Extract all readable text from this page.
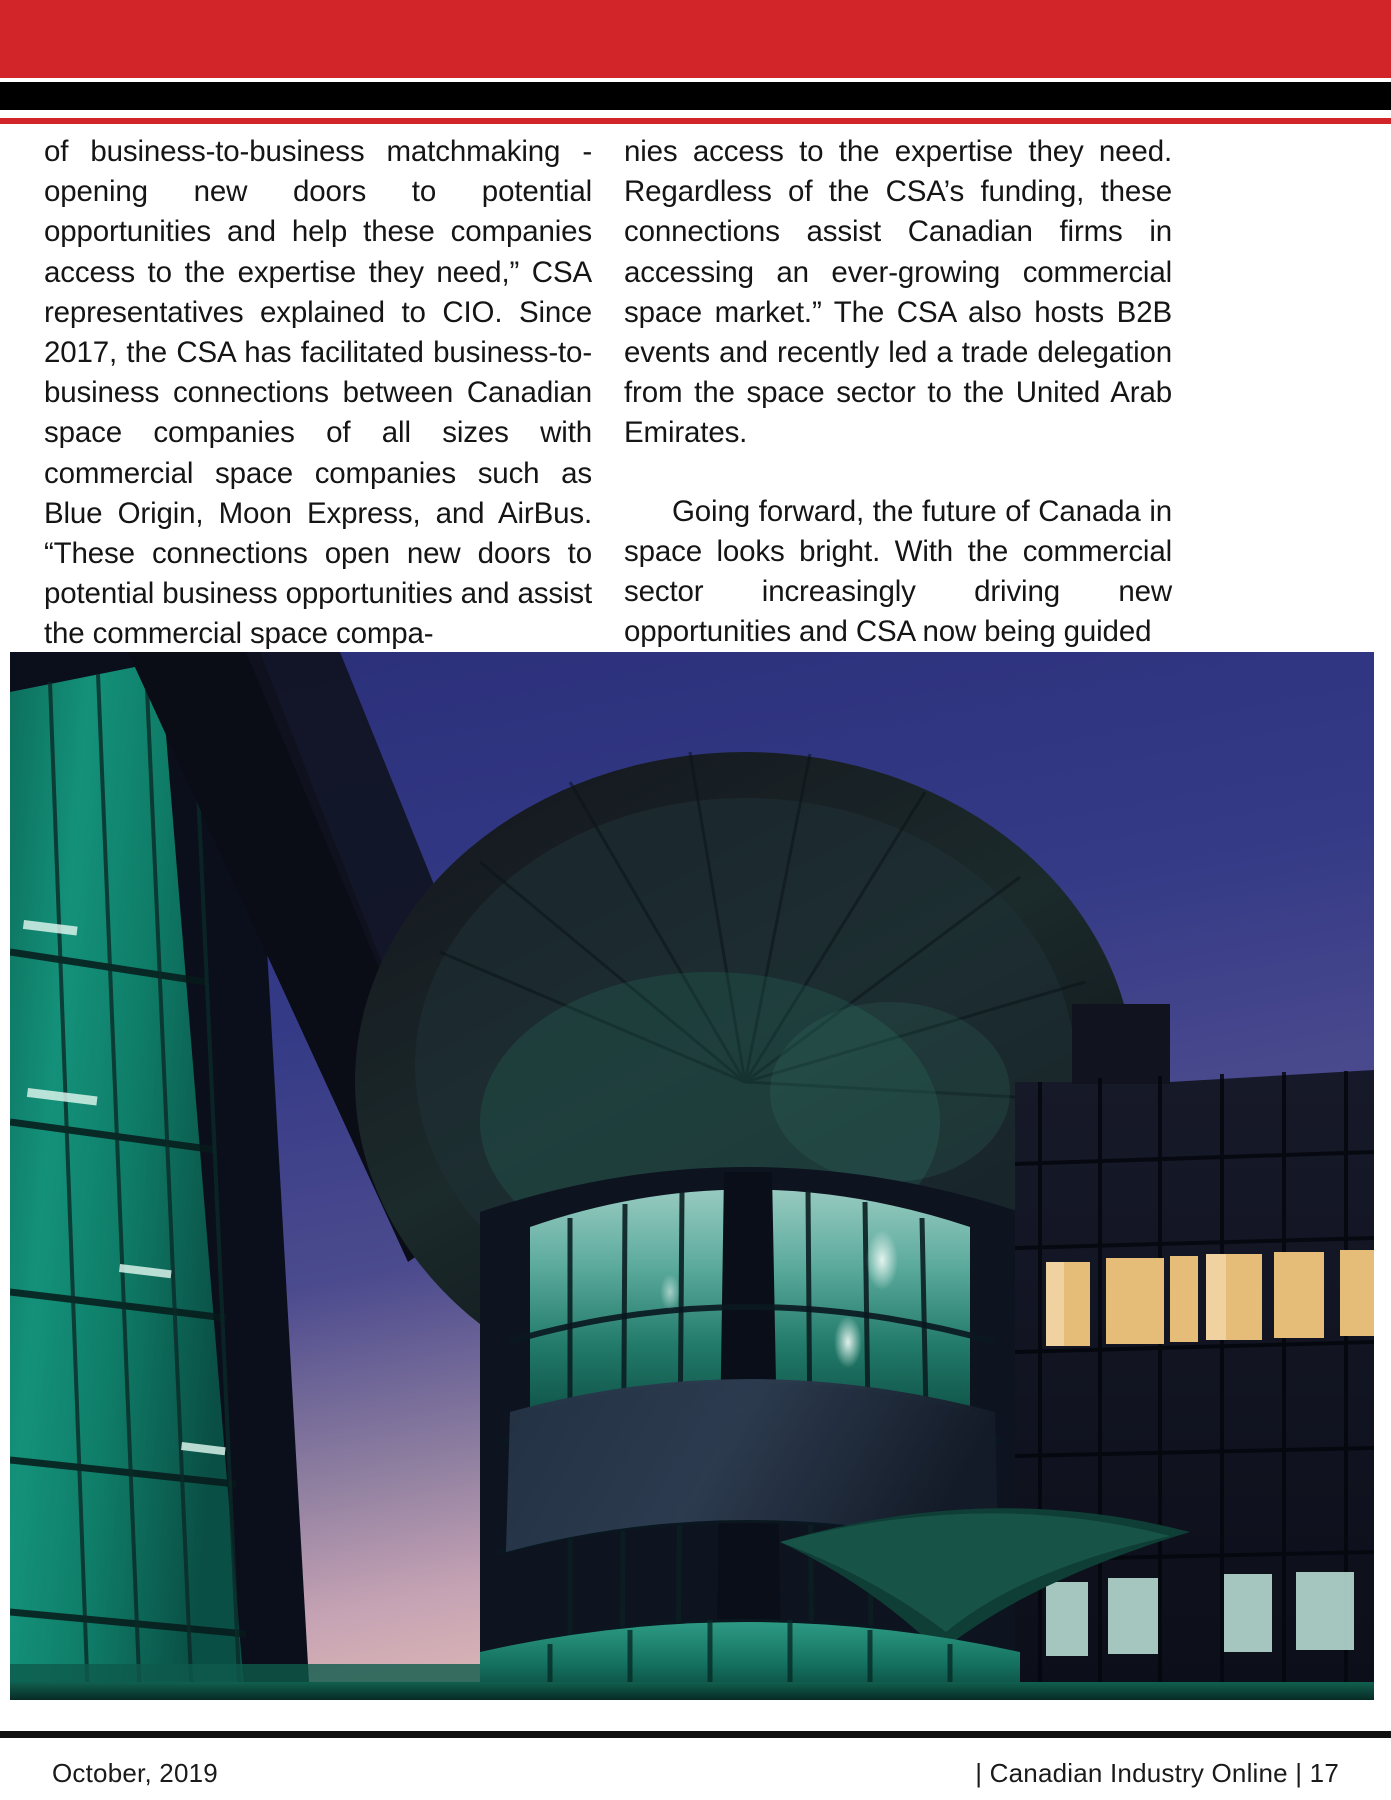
of business-to-business matchmaking - opening new doors to potential opportunities and help these companies access to the expertise they need,” CSA representatives explained to CIO. Since 2017, the CSA has facilitated business-to-business connections between Canadian space companies of all sizes with commercial space companies such as Blue Origin, Moon Express, and AirBus. “These connections open new doors to potential business opportunities and assist the commercial space compa-

nies access to the expertise they need. Regardless of the CSA’s funding, these connections assist Canadian firms in accessing an ever-growing commercial space market.” The CSA also hosts B2B events and recently led a trade delegation from the space sector to the United Arab Emirates.

Going forward, the future of Canada in space looks bright. With the commercial sector increasingly driving new opportunities and CSA now being guided

October, 2019	| Canadian Industry Online | 17
